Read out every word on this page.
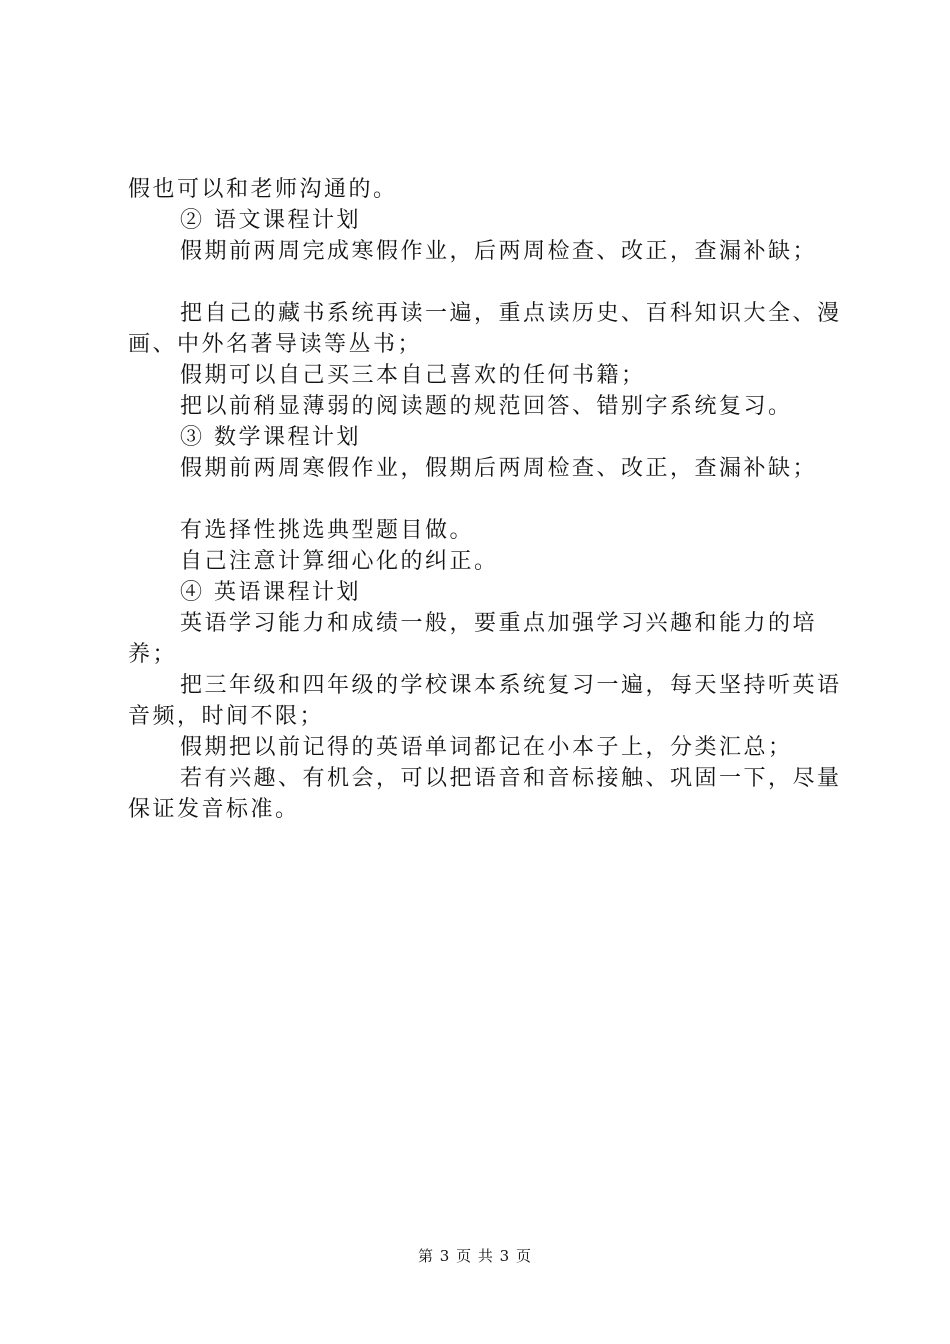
假也可以和老师沟通的。

② 语文课程计划

假期前两周完成寒假作业，后两周检查、改正，查漏补缺；

把自己的藏书系统再读一遍，重点读历史、百科知识大全、漫画、中外名著导读等丛书；

假期可以自己买三本自己喜欢的任何书籍；

把以前稍显薄弱的阅读题的规范回答、错别字系统复习。

③ 数学课程计划

假期前两周寒假作业，假期后两周检查、改正，查漏补缺；

有选择性挑选典型题目做。

自己注意计算细心化的纠正。

④ 英语课程计划

英语学习能力和成绩一般，要重点加强学习兴趣和能力的培养；

把三年级和四年级的学校课本系统复习一遍，每天坚持听英语音频，时间不限；

假期把以前记得的英语单词都记在小本子上，分类汇总；

若有兴趣、有机会，可以把语音和音标接触、巩固一下，尽量保证发音标准。

第 3 页 共 3 页
